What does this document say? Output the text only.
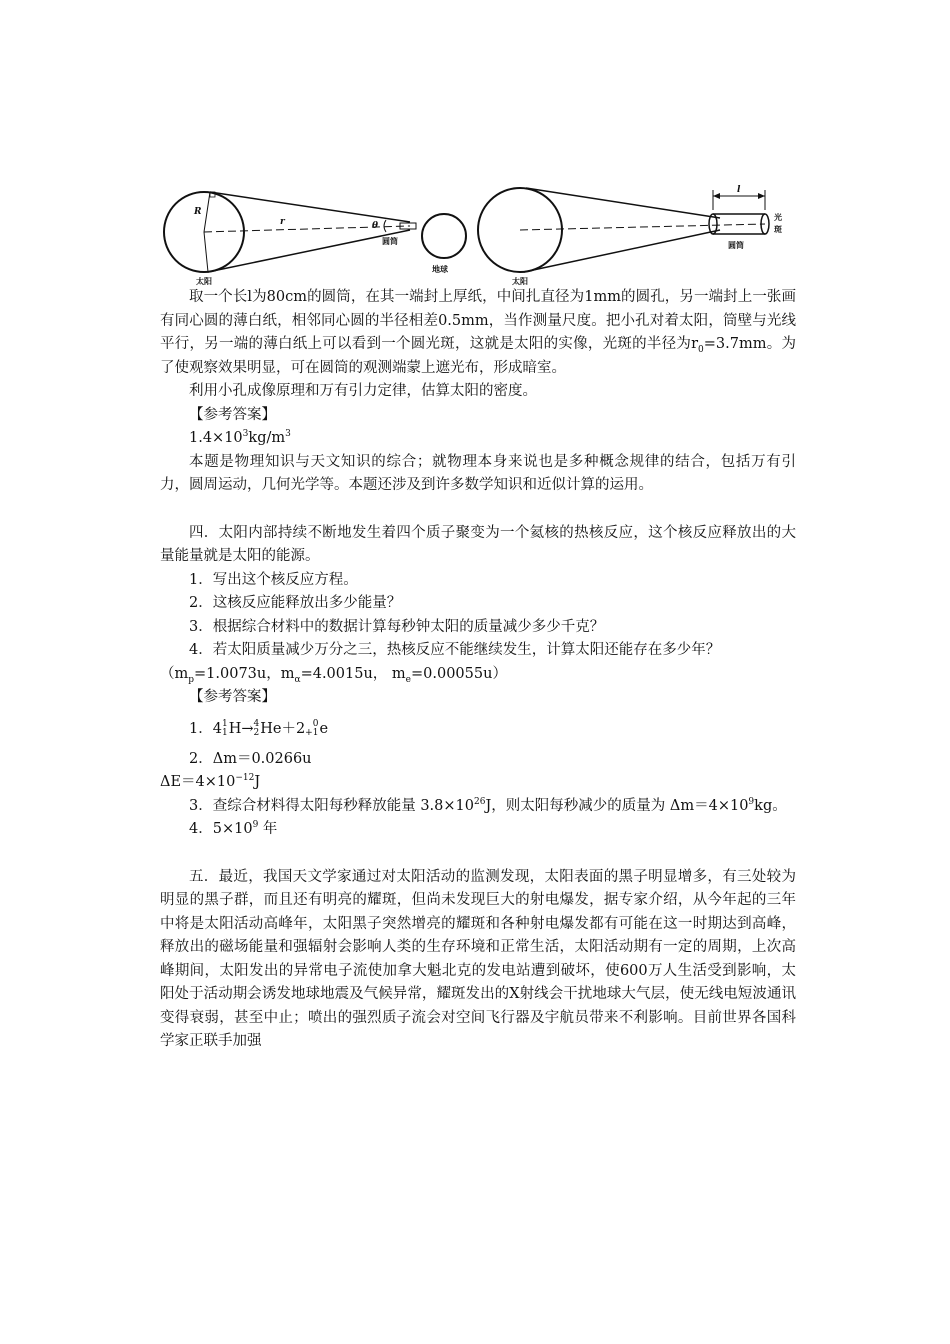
R
r	θ
圆筒
太阳
地球
l
光
斑
圆筒
太阳

取一个长l为80cm的圆筒，在其一端封上厚纸，中间扎直径为1mm的圆孔，另一端封上一张画有同心圆的薄白纸，相邻同心圆的半径相差0.5mm，当作测量尺度。把小孔对着太阳，筒壁与光线平行，另一端的薄白纸上可以看到一个圆光斑，这就是太阳的实像，光斑的半径为$r_0=3.7mm$。为了使观察效果明显，可在圆筒的观测端蒙上遮光布，形成暗室。

利用小孔成像原理和万有引力定律，估算太阳的密度。

【参考答案】

$1.4\times 10^3kg/m^3$

本题是物理知识与天文知识的综合；就物理本身来说也是多种概念规律的结合，包括万有引力，圆周运动，几何光学等。本题还涉及到许多数学知识和近似计算的运用。

四．太阳内部持续不断地发生着四个质子聚变为一个氦核的热核反应，这个核反应释放出的大量能量就是太阳的能源。

1．写出这个核反应方程。

2．这核反应能释放出多少能量？

3．根据综合材料中的数据计算每秒钟太阳的质量减少多少千克？

4．若太阳质量减少万分之三，热核反应不能继续发生，计算太阳还能存在多少年？

（$m_p=1.0073u$，$m_\alpha=4.0015u$， $m_e=0.00055u$）

【参考答案】

1．4 1
1 H→ 4
2 He＋2 0
+1 e

2．Δm＝0.0266u

$\Delta E=4\times 10^{-12}J$

3．查综合材料得太阳每秒释放能量 $3.8\times 10^{26}J$，则太阳每秒减少的质量为 $\Delta m=4\times 10^9kg$。

4．$5\times 10^9$ 年

五．最近，我国天文学家通过对太阳活动的监测发现，太阳表面的黑子明显增多，有三处较为明显的黑子群，而且还有明亮的耀斑，但尚未发现巨大的射电爆发，据专家介绍，从今年起的三年中将是太阳活动高峰年，太阳黑子突然增亮的耀斑和各种射电爆发都有可能在这一时期达到高峰，释放出的磁场能量和强辐射会影响人类的生存环境和正常生活，太阳活动期有一定的周期，上次高峰期间，太阳发出的异常电子流使加拿大魁北克的发电站遭到破坏，使600万人生活受到影响，太阳处于活动期会诱发地球地震及气候异常，耀斑发出的X射线会干扰地球大气层，使无线电短波通讯变得衰弱，甚至中止；喷出的强烈质子流会对空间飞行器及宇航员带来不利影响。目前世界各国科学家正联手加强
